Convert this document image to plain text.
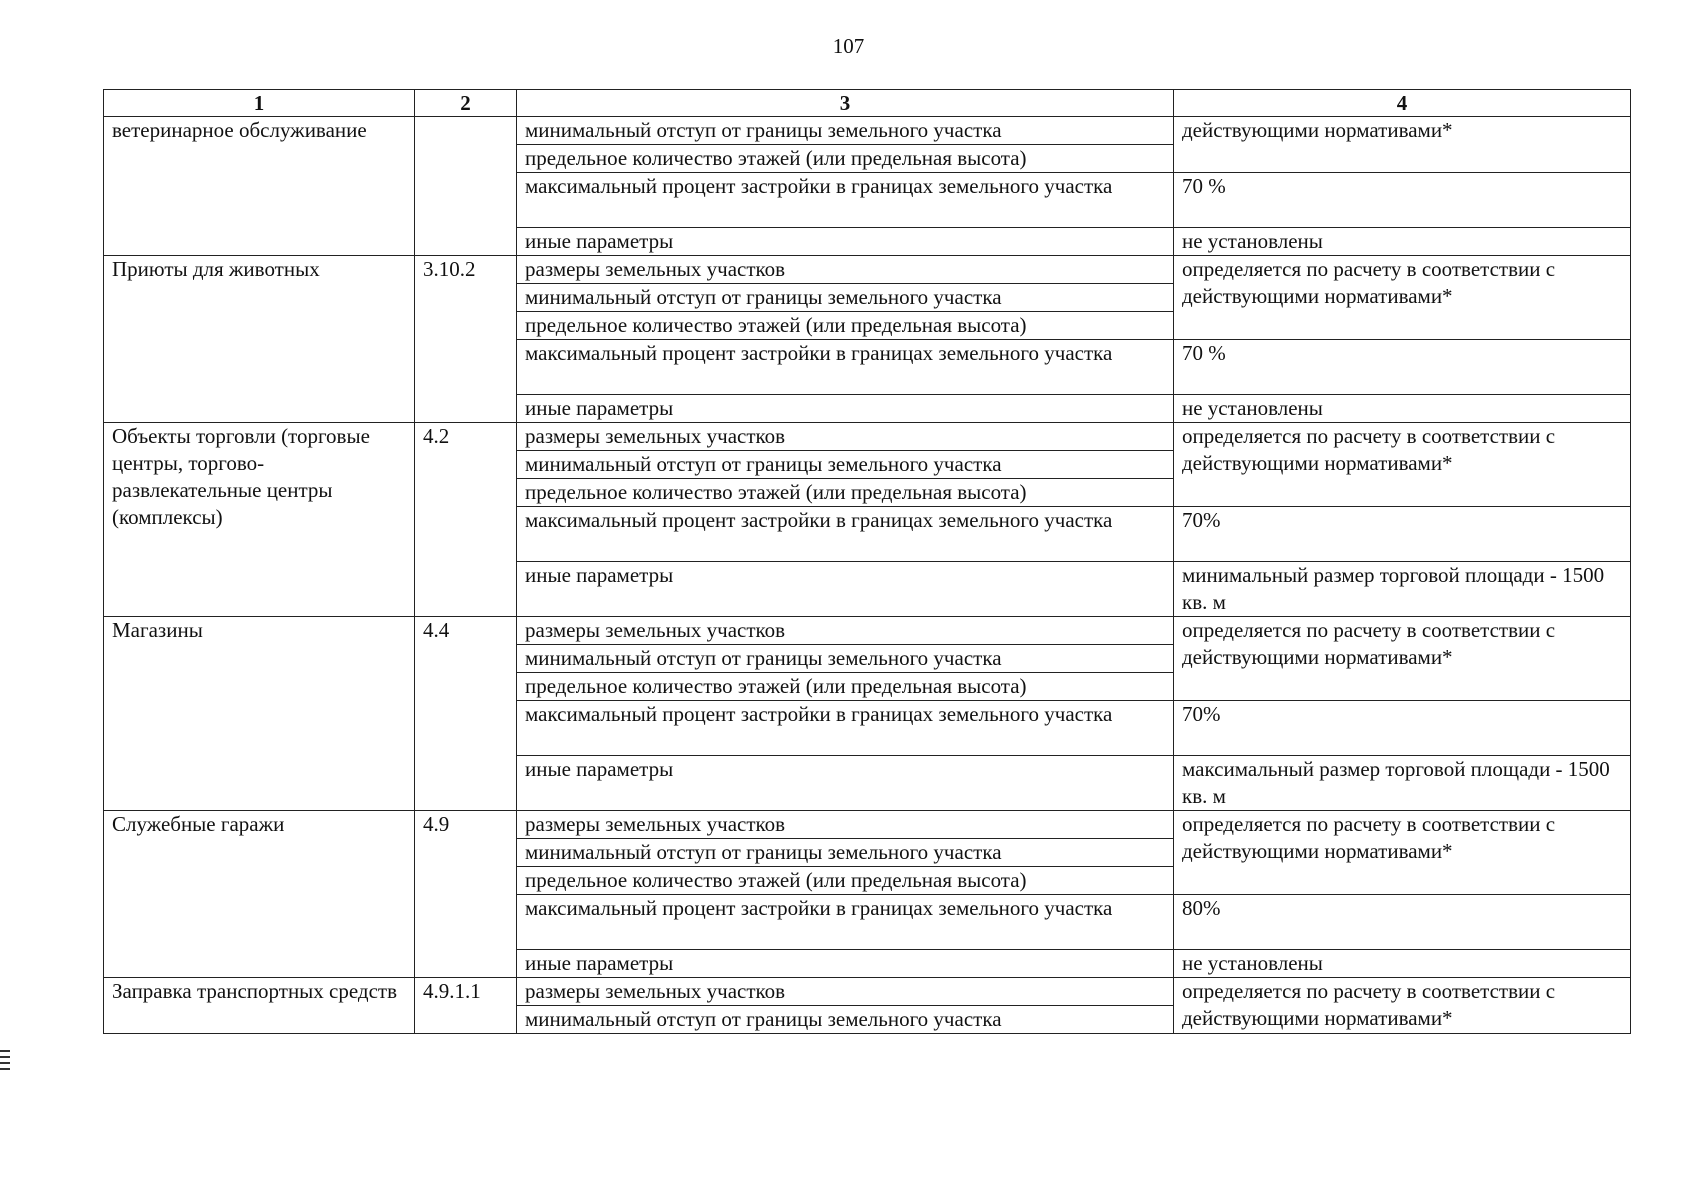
107
1	2	3	4
ветеринарное обслуживание		минимальный отступ от границы земельного участка	действующими нормативами*
		предельное количество этажей (или предельная высота)	
		максимальный процент застройки в границах земельного участка	70 %
		иные параметры	не установлены
Приюты для животных	3.10.2	размеры земельных участков	определяется по расчету в соответствии с действующими нормативами*
		минимальный отступ от границы земельного участка	
		предельное количество этажей (или предельная высота)	
		максимальный процент застройки в границах земельного участка	70 %
		иные параметры	не установлены
Объекты торговли (торговые центры, торгово-развлекательные центры (комплексы)	4.2	размеры земельных участков	определяется по расчету в соответствии с действующими нормативами*
		минимальный отступ от границы земельного участка	
		предельное количество этажей (или предельная высота)	
		максимальный процент застройки в границах земельного участка	70%
		иные параметры	минимальный размер торговой площади - 1500 кв. м
Магазины	4.4	размеры земельных участков	определяется по расчету в соответствии с действующими нормативами*
		минимальный отступ от границы земельного участка	
		предельное количество этажей (или предельная высота)	
		максимальный процент застройки в границах земельного участка	70%
		иные параметры	максимальный размер торговой площади - 1500 кв. м
Служебные гаражи	4.9	размеры земельных участков	определяется по расчету в соответствии с действующими нормативами*
		минимальный отступ от границы земельного участка	
		предельное количество этажей (или предельная высота)	
		максимальный процент застройки в границах земельного участка	80%
		иные параметры	не установлены
Заправка транспортных средств	4.9.1.1	размеры земельных участков	определяется по расчету в соответствии с действующими нормативами*
		минимальный отступ от границы земельного участка	
